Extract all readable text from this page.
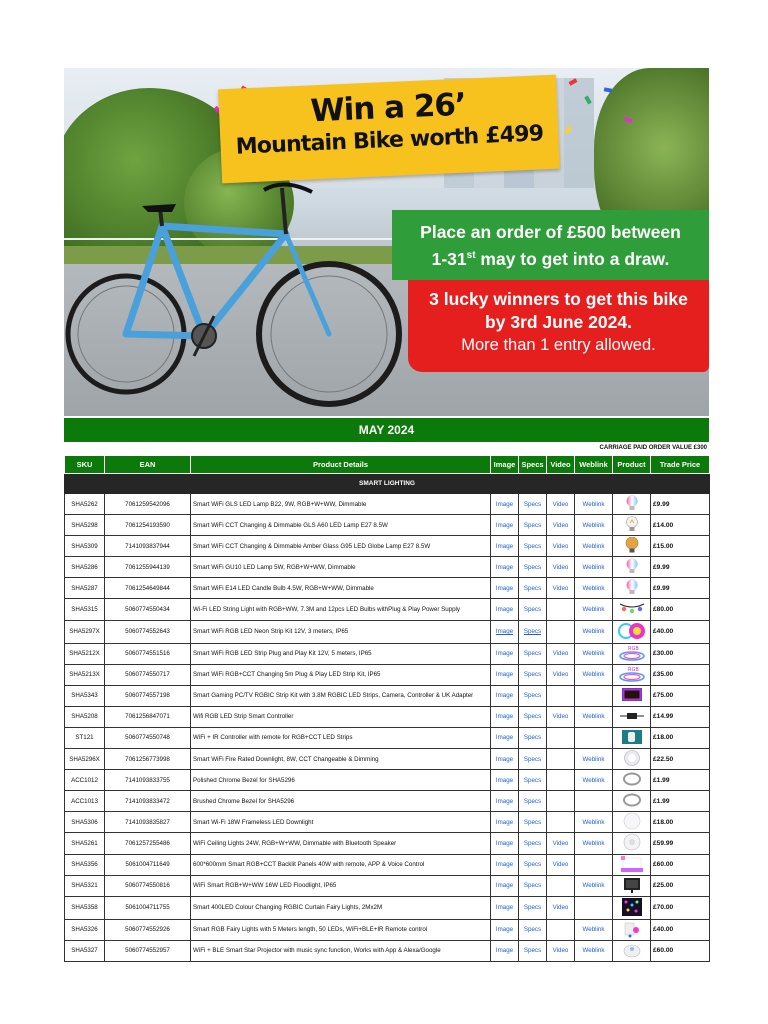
Win a 26’
Mountain Bike worth £499
Place an order of £500 between
1-31st may to get into a draw.
3 lucky winners to get this bike
by 3rd June 2024.
More than 1 entry allowed.
MAY 2024
CARRIAGE PAID ORDER VALUE £300
SKU	EAN	Product Details	Image	Specs	Video	Weblink	Product	Trade Price
SMART LIGHTING								
SHA5262	7061259542096	Smart WiFi GLS LED Lamp B22, 9W, RGB+W+WW, Dimmable	Image	Specs	Video	Weblink		£9.99
SHA5298	7061254193590	Smart WiFi CCT Changing & Dimmable GLS A60 LED Lamp E27 8.5W	Image	Specs	Video	Weblink		£14.00
SHA5309	7141093837944	Smart WiFi CCT Changing & Dimmable Amber Glass G95 LED Globe Lamp E27 8.5W	Image	Specs	Video	Weblink		£15.00
SHA5286	7061255944139	Smart WiFi GU10 LED Lamp 5W, RGB+W+WW, Dimmable	Image	Specs	Video	Weblink		£9.99
SHA5287	7061254649844	Smart WiFi E14 LED Candle Bulb 4.5W, RGB+W+WW, Dimmable	Image	Specs	Video	Weblink		£9.99
SHA5315	5060774550434	Wi-Fi LED String Light with RGB+WW, 7.3M and 12pcs LED Bulbs withPlug & Play Power Supply	Image	Specs		Weblink		£80.00
SHA5297X	5060774552643	Smart WiFi RGB LED Neon Strip Kit 12V, 3 meters, IP65	Image	Specs		Weblink		£40.00
SHA5212X	5060774551516	Smart WiFi RGB LED Strip Plug and Play Kit 12V, 5 meters, IP65	Image	Specs	Video	Weblink	RGB	£30.00
SHA5213X	5060774550717	Smart WiFi RGB+CCT Changing 5m Plug & Play LED Strip Kit, IP65	Image	Specs	Video	Weblink	RGB	£35.00
SHA5343	5060774557198	Smart Gaming PC/TV RGBIC Strip Kit with 3.8M RGBIC LED Strips, Camera, Controller & UK Adapter	Image	Specs				£75.00
SHA5208	7061256847071	Wifi RGB LED Strip Smart Controller	Image	Specs	Video	Weblink		£14.99
ST121	5060774550748	WiFi + IR Controller with remote for RGB+CCT LED Strips	Image	Specs				£18.00
SHA5296X	7061256773998	Smart WiFi Fire Rated Downlight, 8W, CCT Changeable & Dimming	Image	Specs		Weblink		£22.50
ACC1012	7141093833755	Polished Chrome Bezel for SHA5296	Image	Specs		Weblink		£1.99
ACC1013	7141093833472	Brushed Chrome Bezel for SHA5296	Image	Specs				£1.99
SHA5306	7141093835827	Smart Wi-Fi 18W Frameless LED Downlight	Image	Specs		Weblink		£18.00
SHA5261	7061257255486	WiFi Ceiling Lights 24W, RGB+W+WW, Dimmable with Bluetooth Speaker	Image	Specs	Video	Weblink		£59.99
SHA5356	5061004711649	600*600mm Smart RGB+CCT Backlit Panels 40W with remote, APP & Voice Control	Image	Specs	Video			£60.00
SHA5321	5060774550816	WiFi Smart RGB+W+WW 16W LED Floodlight, IP65	Image	Specs		Weblink		£25.00
SHA5358	5061004711755	Smart 400LED Colour Changing RGBIC Curtain Fairy Lights, 2Mx2M	Image	Specs	Video			£70.00
SHA5326	5060774552926	Smart RGB Fairy Lights with 5 Meters length, 50 LEDs, WiFi+BLE+IR Remote control	Image	Specs		Weblink		£40.00
SHA5327	5060774552957	WiFi + BLE Smart Star Projector with music sync function, Works with App & Alexa/Google	Image	Specs	Video	Weblink		£60.00
